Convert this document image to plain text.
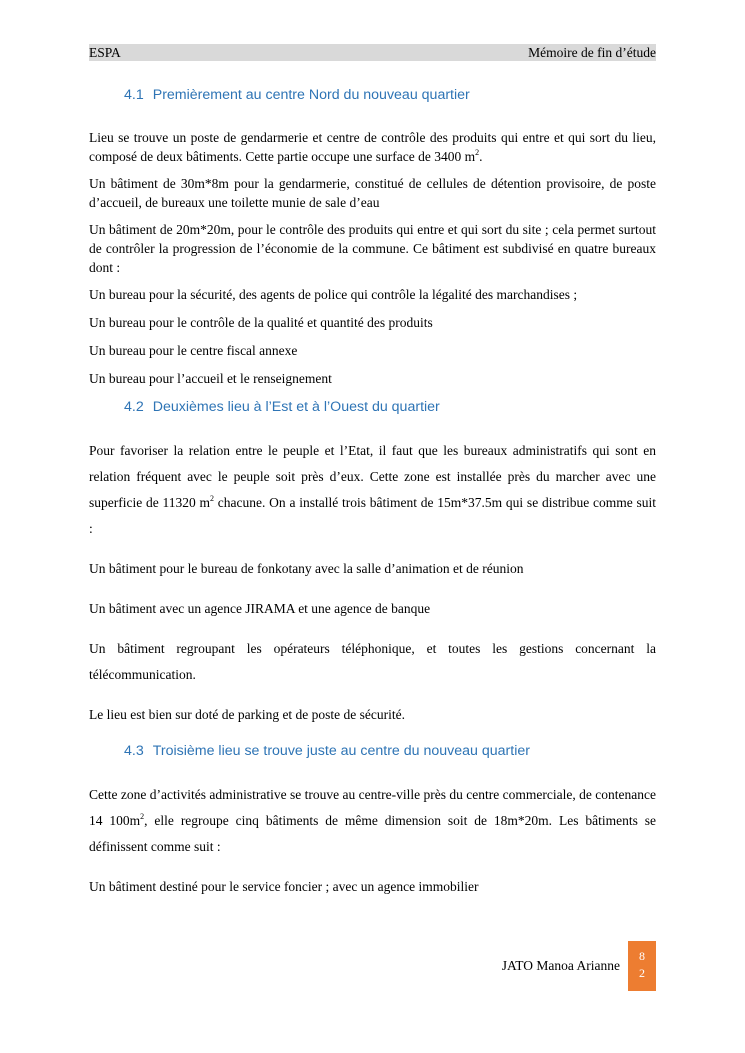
ESPA	Mémoire de fin d’étude
4.1 Premièrement au centre Nord du nouveau quartier

Lieu se trouve un poste de gendarmerie et centre de contrôle des produits qui entre et qui sort du lieu, composé de deux bâtiments. Cette partie occupe une surface de 3400 $m^2$.

Un bâtiment de 30m*8m pour la gendarmerie, constitué de cellules de détention provisoire, de poste d’accueil, de bureaux une toilette munie de sale d’eau

Un bâtiment de 20m*20m, pour le contrôle des produits qui entre et qui sort du site ; cela permet surtout de contrôler la progression de l’économie de la commune. Ce bâtiment est subdivisé en quatre bureaux dont :

Un bureau pour la sécurité, des agents de police qui contrôle la légalité des marchandises ;

Un bureau pour le contrôle de la qualité et quantité des produits

Un bureau pour le centre fiscal annexe

Un bureau pour l’accueil et le renseignement

4.2 Deuxièmes lieu à l’Est et à l’Ouest du quartier

Pour favoriser la relation entre le peuple et l’Etat, il faut que les bureaux administratifs qui sont en relation fréquent avec le peuple soit près d’eux. Cette zone est installée près du marcher avec une superficie de 11320 $m^2$ chacune. On a installé trois bâtiment de 15m*37.5m qui se distribue comme suit :

Un bâtiment pour le bureau de fonkotany avec la salle d’animation et de réunion

Un bâtiment avec un agence JIRAMA et une agence de banque

Un bâtiment regroupant les opérateurs téléphonique, et toutes les gestions concernant la télécommunication.

Le lieu est bien sur doté de parking et de poste de sécurité.

4.3 Troisième lieu se trouve juste au centre du nouveau quartier

Cette zone d’activités administrative se trouve au centre-ville près du centre commerciale, de contenance 14 $100m^2$, elle regroupe cinq bâtiments de même dimension soit de 18m*20m. Les bâtiments se définissent comme suit :

Un bâtiment destiné pour le service foncier ; avec un agence immobilier

JATO Manoa Arianne
8
2
